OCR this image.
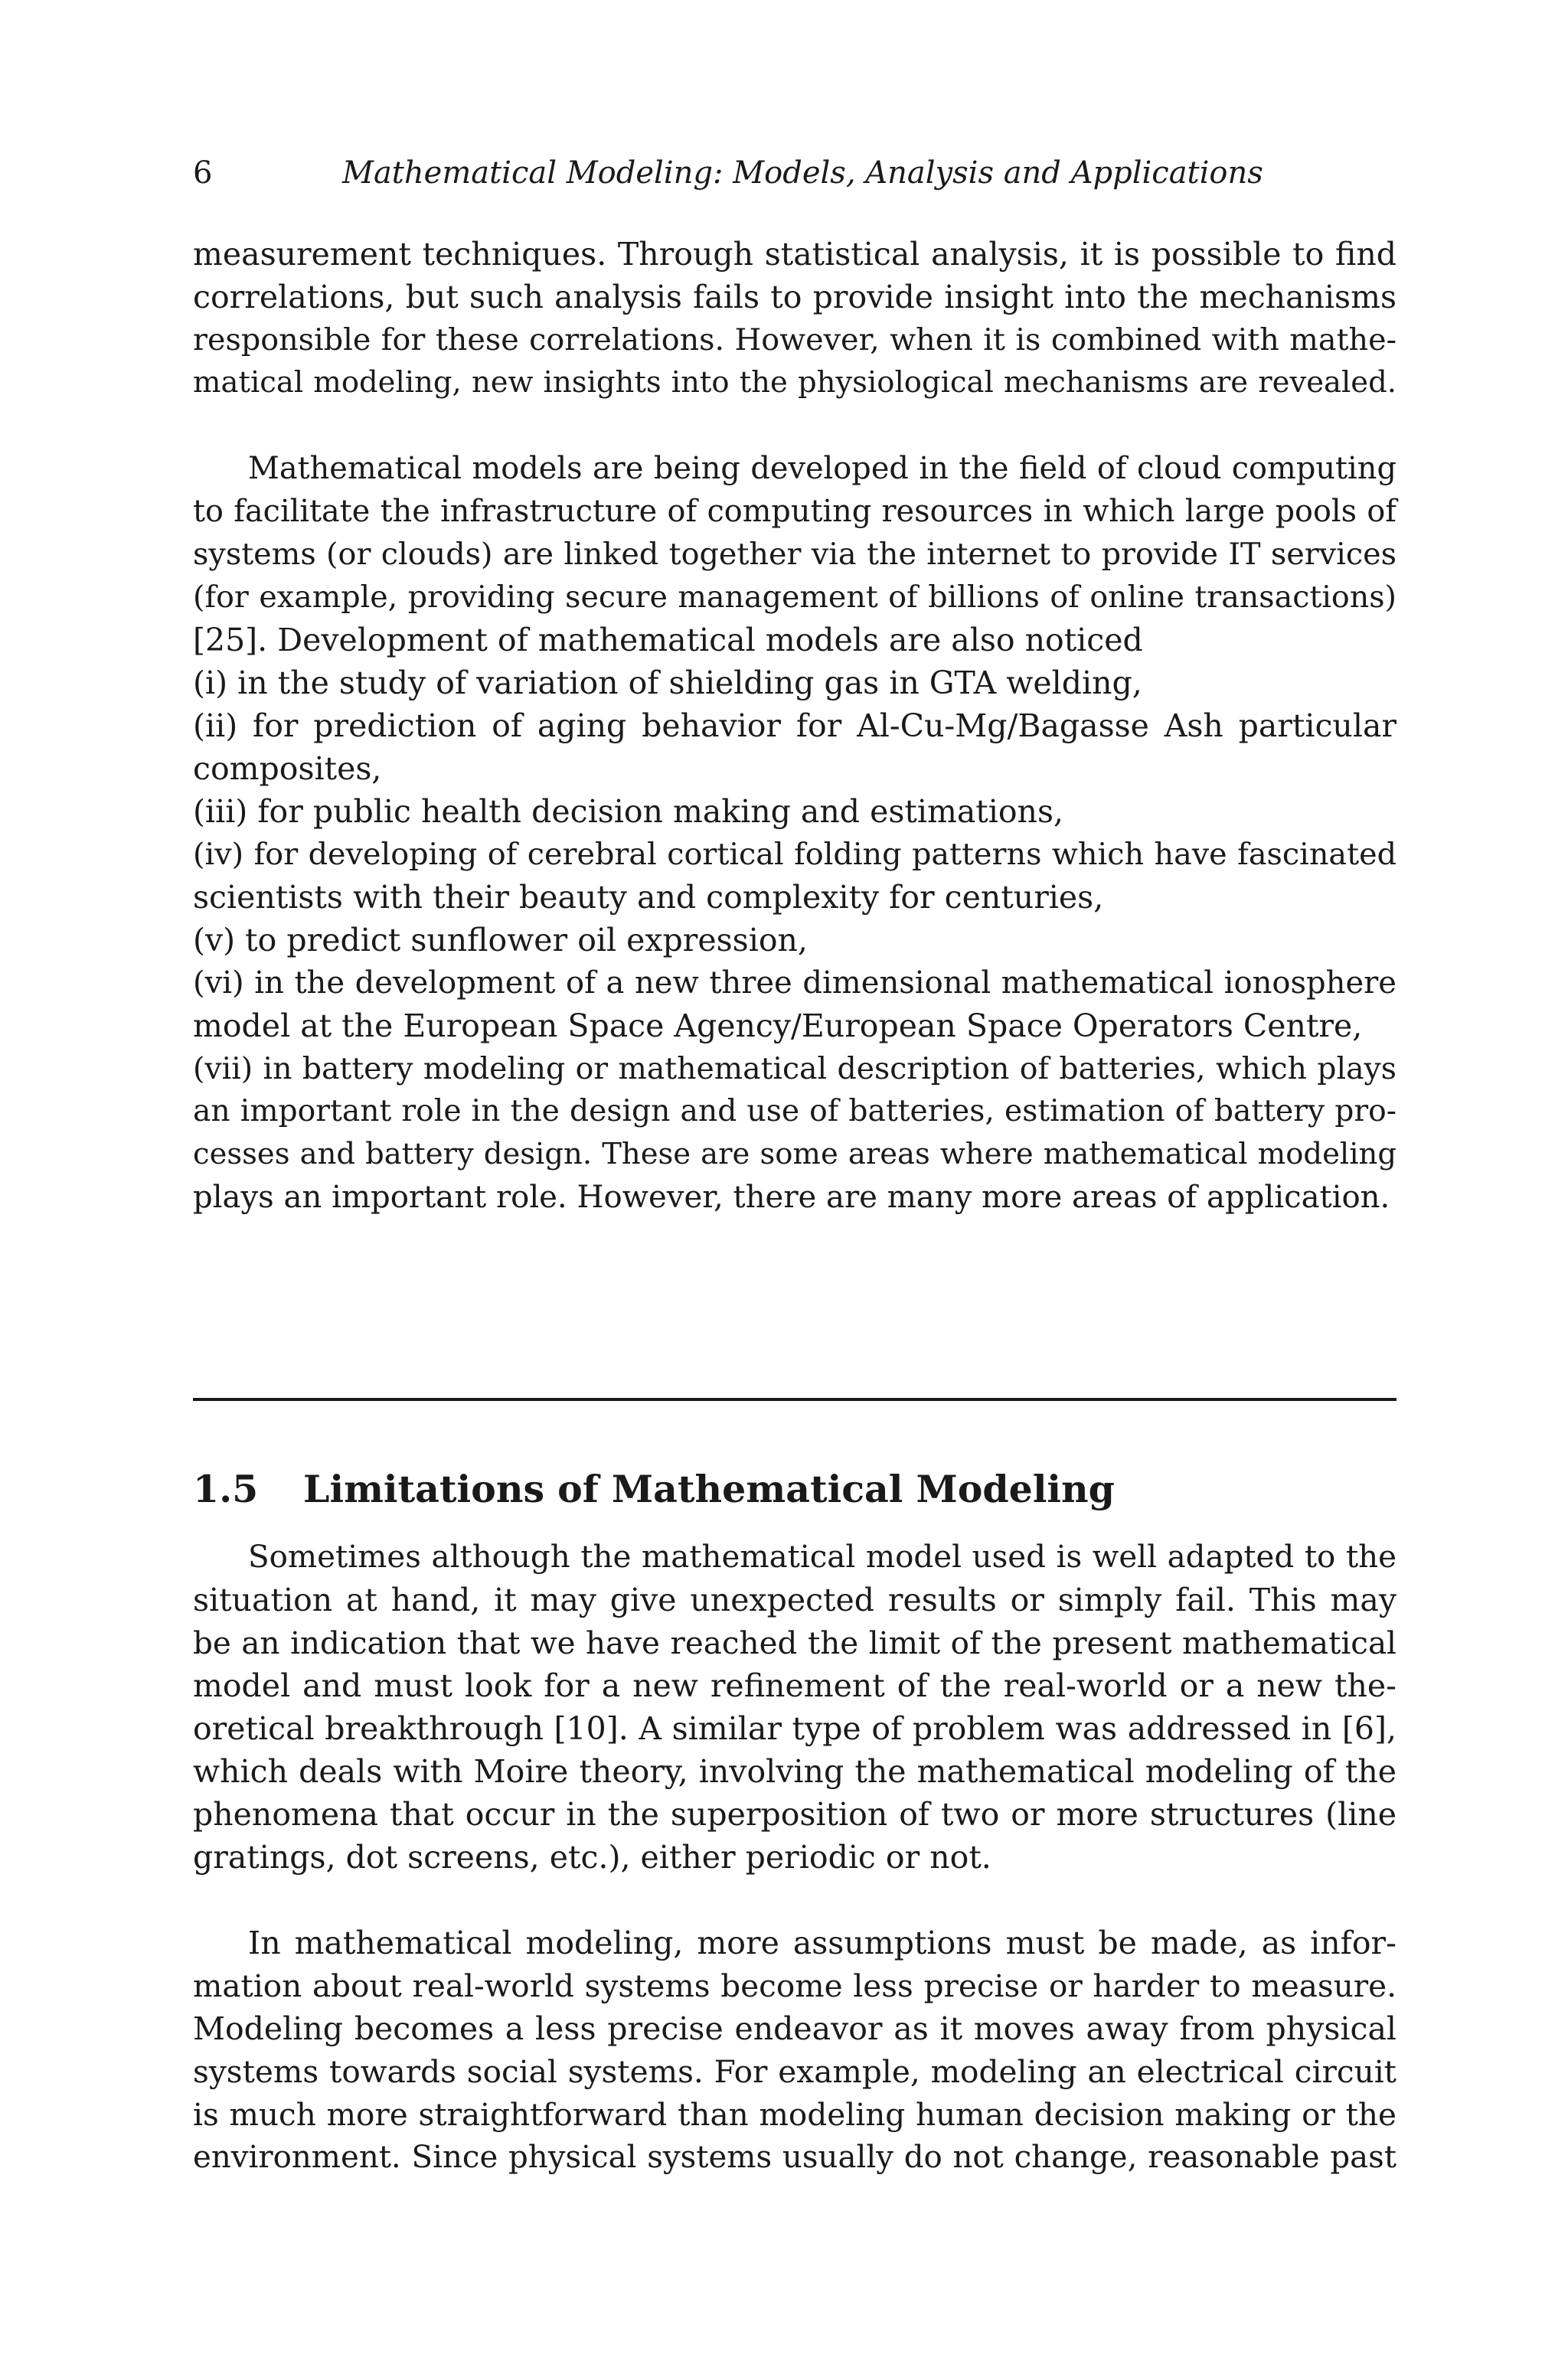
6	Mathematical Modeling: Models, Analysis and Applications
measurement techniques. Through statistical analysis, it is possible to find
correlations, but such analysis fails to provide insight into the mechanisms
responsible for these correlations. However, when it is combined with mathe-
matical modeling, new insights into the physiological mechanisms are revealed.
Mathematical models are being developed in the field of cloud computing
to facilitate the infrastructure of computing resources in which large pools of
systems (or clouds) are linked together via the internet to provide IT services
(for example, providing secure management of billions of online transactions)
[25]. Development of mathematical models are also noticed
(i) in the study of variation of shielding gas in GTA welding,
(ii) for prediction of aging behavior for Al-Cu-Mg/Bagasse Ash particular
composites,
(iii) for public health decision making and estimations,
(iv) for developing of cerebral cortical folding patterns which have fascinated
scientists with their beauty and complexity for centuries,
(v) to predict sunflower oil expression,
(vi) in the development of a new three dimensional mathematical ionosphere
model at the European Space Agency/European Space Operators Centre,
(vii) in battery modeling or mathematical description of batteries, which plays
an important role in the design and use of batteries, estimation of battery pro-
cesses and battery design. These are some areas where mathematical modeling
plays an important role. However, there are many more areas of application.
1.5 Limitations of Mathematical Modeling
Sometimes although the mathematical model used is well adapted to the
situation at hand, it may give unexpected results or simply fail. This may
be an indication that we have reached the limit of the present mathematical
model and must look for a new refinement of the real-world or a new the-
oretical breakthrough [10]. A similar type of problem was addressed in [6],
which deals with Moire theory, involving the mathematical modeling of the
phenomena that occur in the superposition of two or more structures (line
gratings, dot screens, etc.), either periodic or not.
In mathematical modeling, more assumptions must be made, as infor-
mation about real-world systems become less precise or harder to measure.
Modeling becomes a less precise endeavor as it moves away from physical
systems towards social systems. For example, modeling an electrical circuit
is much more straightforward than modeling human decision making or the
environment. Since physical systems usually do not change, reasonable past
